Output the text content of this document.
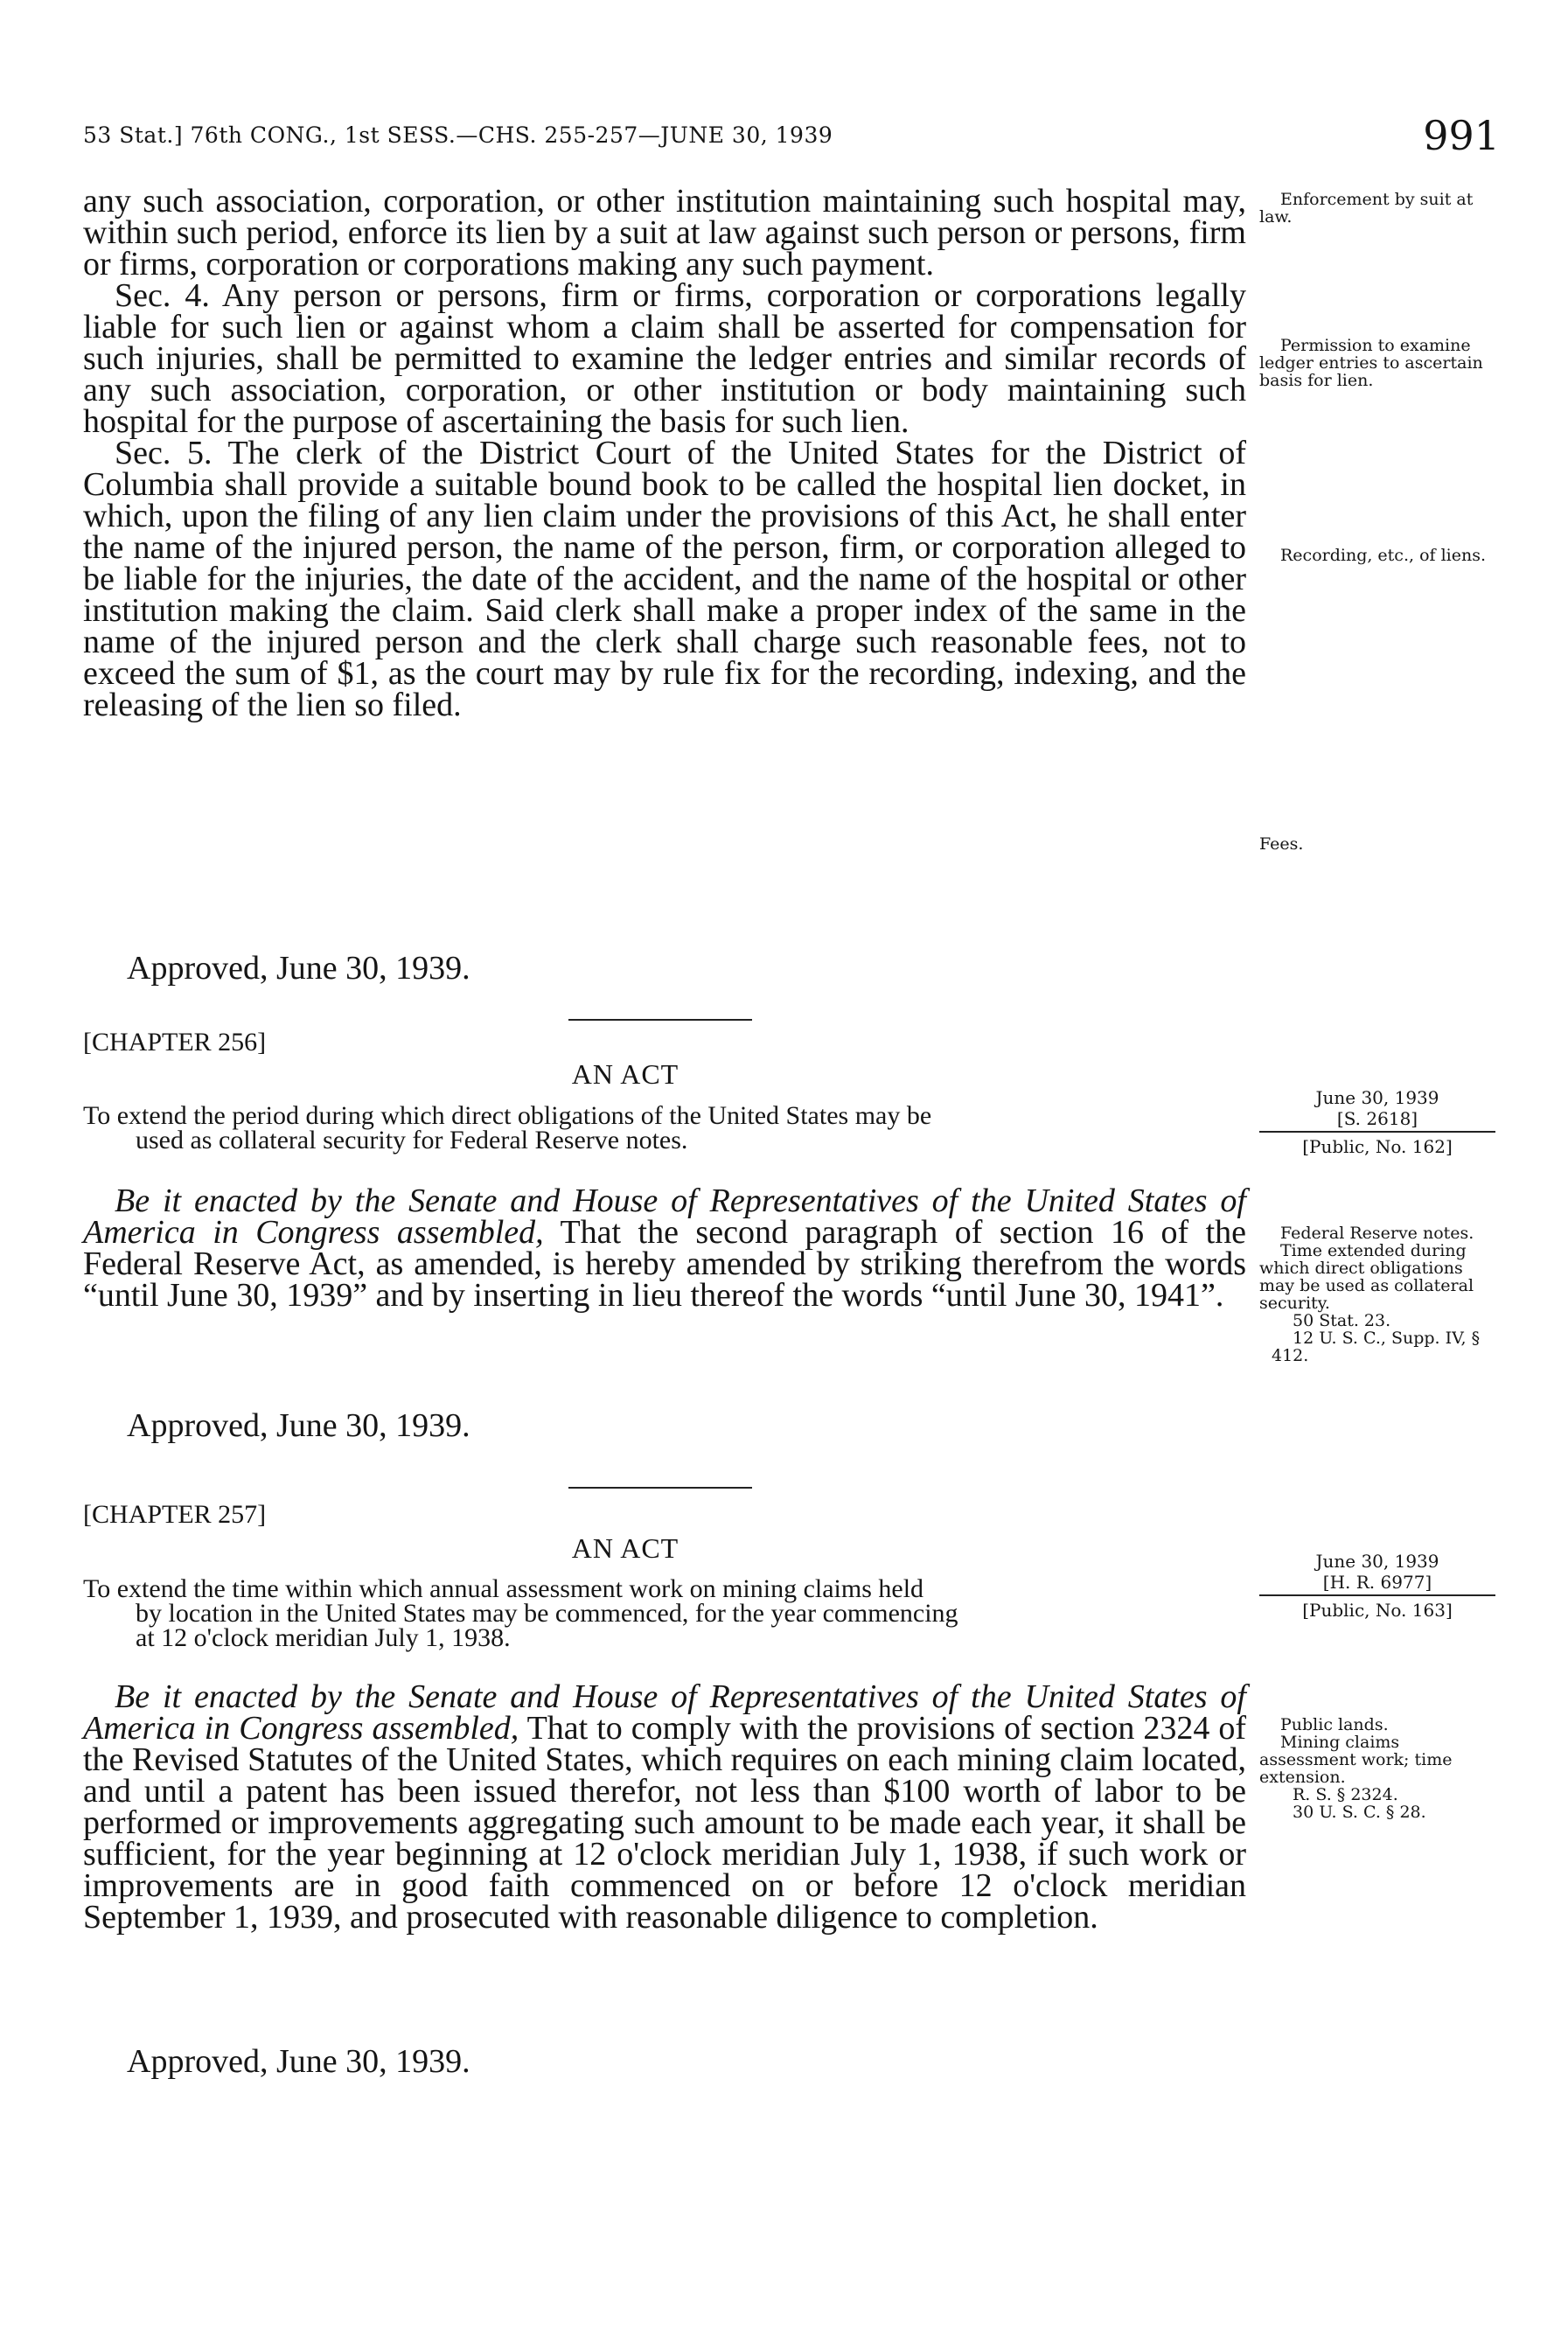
53 Stat.] 76th CONG., 1st SESS.—CHS. 255-257—JUNE 30, 1939	991

any such association, corporation, or other institution maintaining such hospital may, within such period, enforce its lien by a suit at law against such person or persons, firm or firms, corporation or corporations making any such payment.

Sec. 4. Any person or persons, firm or firms, corporation or corporations legally liable for such lien or against whom a claim shall be asserted for compensation for such injuries, shall be permitted to examine the ledger entries and similar records of any such association, corporation, or other institution or body maintaining such hospital for the purpose of ascertaining the basis for such lien.

Sec. 5. The clerk of the District Court of the United States for the District of Columbia shall provide a suitable bound book to be called the hospital lien docket, in which, upon the filing of any lien claim under the provisions of this Act, he shall enter the name of the injured person, the name of the person, firm, or corporation alleged to be liable for the injuries, the date of the accident, and the name of the hospital or other institution making the claim. Said clerk shall make a proper index of the same in the name of the injured person and the clerk shall charge such reasonable fees, not to exceed the sum of $1, as the court may by rule fix for the recording, indexing, and the releasing of the lien so filed.

Approved, June 30, 1939.
Enforcement by suit at law.
Permission to examine ledger entries to ascertain basis for lien.
Recording, etc., of liens.
Fees.
[CHAPTER 256]
AN ACT
To extend the period during which direct obligations of the United States may be
used as collateral security for Federal Reserve notes.
June 30, 1939
[S. 2618]
[Public, No. 162]

Be it enacted by the Senate and House of Representatives of the United States of America in Congress assembled, That the second paragraph of section 16 of the Federal Reserve Act, as amended, is hereby amended by striking therefrom the words “until June 30, 1939” and by inserting in lieu thereof the words “until June 30, 1941”.

Approved, June 30, 1939.
Federal Reserve notes.
Time extended during which direct obligations may be used as collateral security.
50 Stat. 23.
12 U. S. C., Supp. IV, § 412.
[CHAPTER 257]
AN ACT
To extend the time within which annual assessment work on mining claims held
by location in the United States may be commenced, for the year commencing
at 12 o'clock meridian July 1, 1938.
June 30, 1939
[H. R. 6977]
[Public, No. 163]

Be it enacted by the Senate and House of Representatives of the United States of America in Congress assembled, That to comply with the provisions of section 2324 of the Revised Statutes of the United States, which requires on each mining claim located, and until a patent has been issued therefor, not less than $100 worth of labor to be performed or improvements aggregating such amount to be made each year, it shall be sufficient, for the year beginning at 12 o'clock meridian July 1, 1938, if such work or improvements are in good faith commenced on or before 12 o'clock meridian September 1, 1939, and prosecuted with reasonable diligence to completion.

Approved, June 30, 1939.
Public lands.
Mining claims assessment work; time extension.
R. S. § 2324.
30 U. S. C. § 28.
